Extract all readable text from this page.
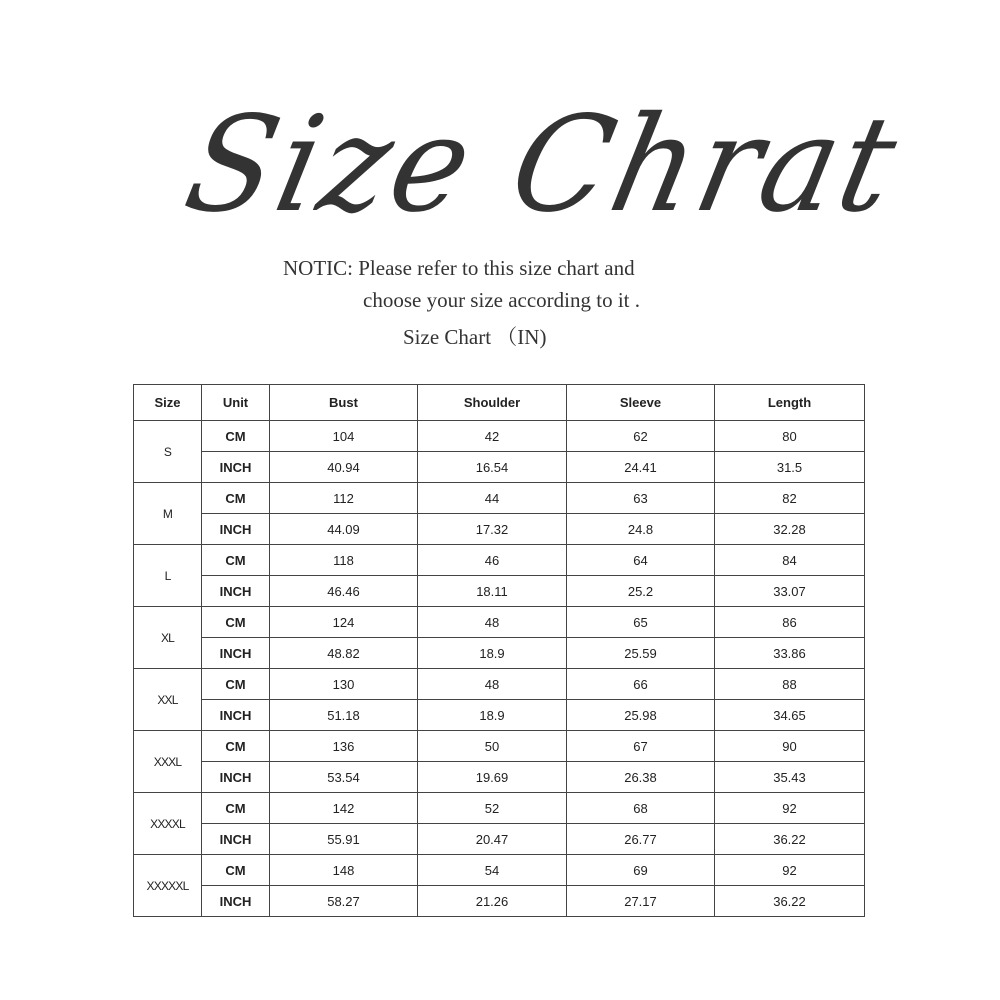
Size Chrat
NOTIC: Please refer to this size chart and
choose your size according to it .
Size Chart （IN)
Size	Unit	Bust	Shoulder	Sleeve	Length
S	CM	104	42	62	80
	INCH	40.94	16.54	24.41	31.5
M	CM	112	44	63	82
	INCH	44.09	17.32	24.8	32.28
L	CM	118	46	64	84
	INCH	46.46	18.11	25.2	33.07
XL	CM	124	48	65	86
	INCH	48.82	18.9	25.59	33.86
XXL	CM	130	48	66	88
	INCH	51.18	18.9	25.98	34.65
XXXL	CM	136	50	67	90
	INCH	53.54	19.69	26.38	35.43
XXXXL	CM	142	52	68	92
	INCH	55.91	20.47	26.77	36.22
XXXXXL	CM	148	54	69	92
	INCH	58.27	21.26	27.17	36.22
